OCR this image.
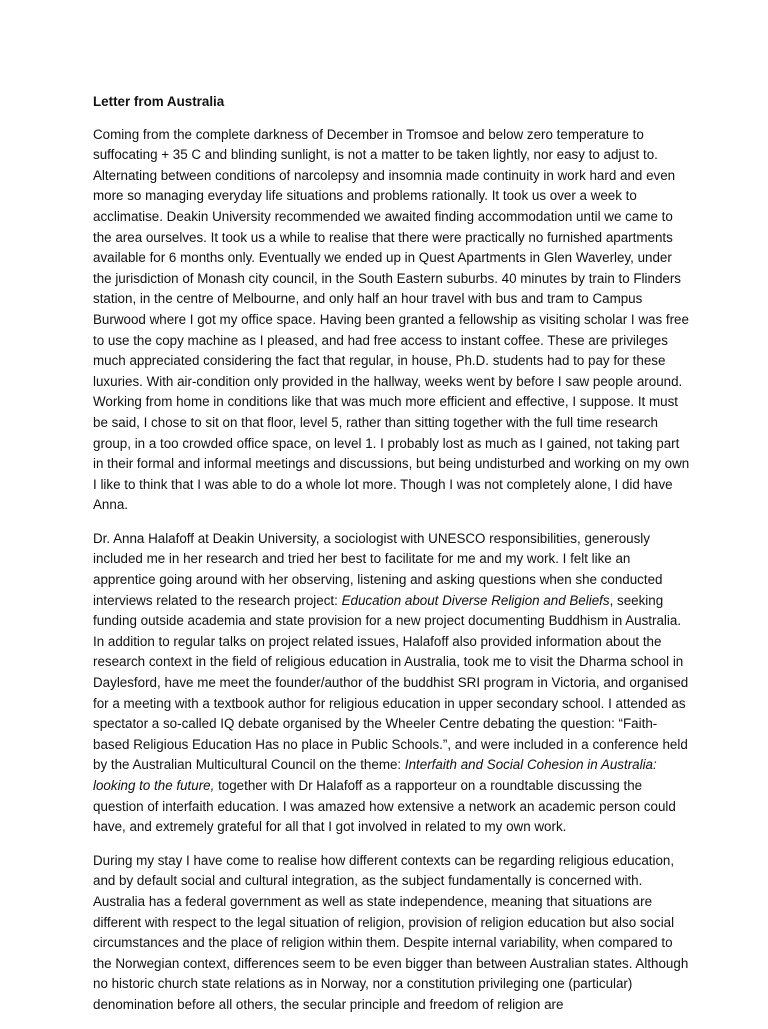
Letter from Australia

Coming from the complete darkness of December in Tromsoe and below zero temperature to suffocating + 35 C and blinding sunlight, is not a matter to be taken lightly, nor easy to adjust to. Alternating between conditions of narcolepsy and insomnia made continuity in work hard and even more so managing everyday life situations and problems rationally. It took us over a week to acclimatise. Deakin University recommended we awaited finding accommodation until we came to the area ourselves. It took us a while to realise that there were practically no furnished apartments available for 6 months only. Eventually we ended up in Quest Apartments in Glen Waverley, under the jurisdiction of Monash city council, in the South Eastern suburbs. 40 minutes by train to Flinders station, in the centre of Melbourne, and only half an hour travel with bus and tram to Campus Burwood where I got my office space. Having been granted a fellowship as visiting scholar I was free to use the copy machine as I pleased, and had free access to instant coffee. These are privileges much appreciated considering the fact that regular, in house, Ph.D. students had to pay for these luxuries. With air-condition only provided in the hallway, weeks went by before I saw people around. Working from home in conditions like that was much more efficient and effective, I suppose. It must be said, I chose to sit on that floor, level 5, rather than sitting together with the full time research group, in a too crowded office space, on level 1. I probably lost as much as I gained, not taking part in their formal and informal meetings and discussions, but being undisturbed and working on my own I like to think that I was able to do a whole lot more. Though I was not completely alone, I did have Anna.

Dr. Anna Halafoff at Deakin University, a sociologist with UNESCO responsibilities, generously included me in her research and tried her best to facilitate for me and my work. I felt like an apprentice going around with her observing, listening and asking questions when she conducted interviews related to the research project: Education about Diverse Religion and Beliefs, seeking funding outside academia and state provision for a new project documenting Buddhism in Australia. In addition to regular talks on project related issues, Halafoff also provided information about the research context in the field of religious education in Australia, took me to visit the Dharma school in Daylesford, have me meet the founder/author of the buddhist SRI program in Victoria, and organised for a meeting with a textbook author for religious education in upper secondary school. I attended as spectator a so-called IQ debate organised by the Wheeler Centre debating the question: “Faith-based Religious Education Has no place in Public Schools.”, and were included in a conference held by the Australian Multicultural Council on the theme: Interfaith and Social Cohesion in Australia: looking to the future, together with Dr Halafoff as a rapporteur on a roundtable discussing the question of interfaith education. I was amazed how extensive a network an academic person could have, and extremely grateful for all that I got involved in related to my own work.

During my stay I have come to realise how different contexts can be regarding religious education, and by default social and cultural integration, as the subject fundamentally is concerned with. Australia has a federal government as well as state independence, meaning that situations are different with respect to the legal situation of religion, provision of religion education but also social circumstances and the place of religion within them. Despite internal variability, when compared to the Norwegian context, differences seem to be even bigger than between Australian states. Although no historic church state relations as in Norway, nor a constitution privileging one (particular) denomination before all others, the secular principle and freedom of religion are
